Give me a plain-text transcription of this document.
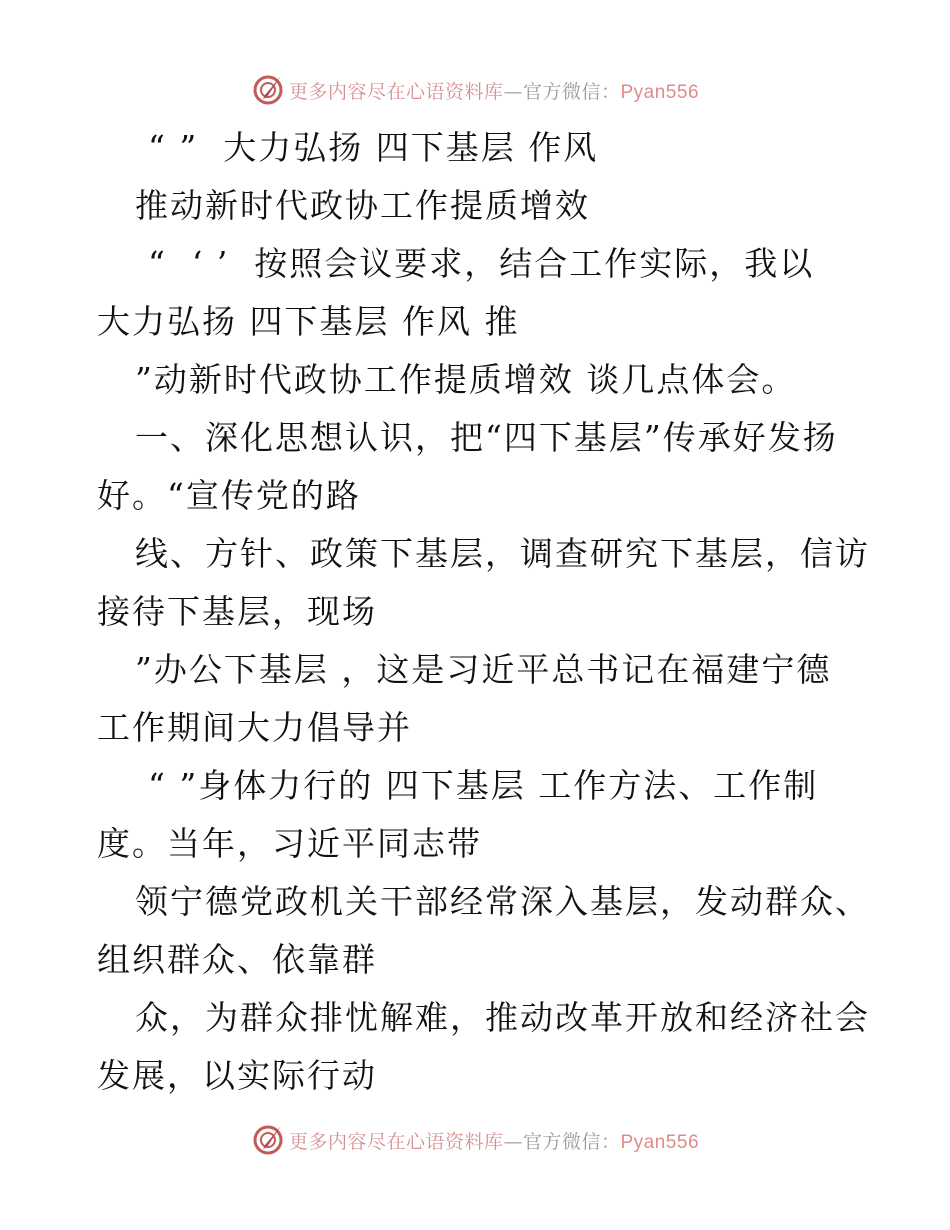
更多内容尽在心语资料库—官方微信：Pyan556
“ ”  大力弘扬 四下基层 作风
推动新时代政协工作提质增效
“  ‘ ’  按照会议要求，结合工作实际，我以
大力弘扬 四下基层 作风 推
”动新时代政协工作提质增效 谈几点体会。
一、深化思想认识，把“四下基层”传承好发扬
好。“宣传党的路
线、方针、政策下基层，调查研究下基层，信访
接待下基层，现场
”办公下基层 ，这是习近平总书记在福建宁德
工作期间大力倡导并
“ ”身体力行的 四下基层 工作方法、工作制
度。当年，习近平同志带
领宁德党政机关干部经常深入基层，发动群众、
组织群众、依靠群
众，为群众排忧解难，推动改革开放和经济社会
发展，以实际行动
更多内容尽在心语资料库—官方微信：Pyan556
